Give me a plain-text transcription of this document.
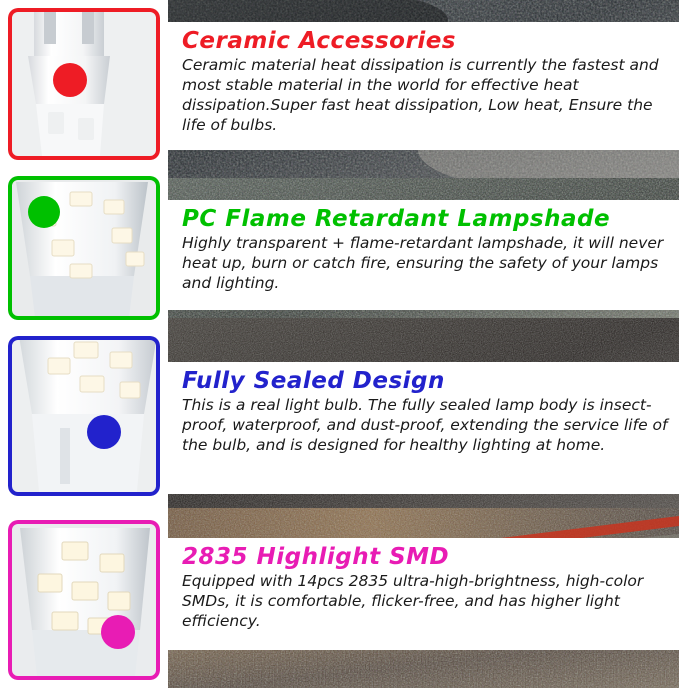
Ceramic Accessories

Ceramic material heat dissipation is currently the fastest and most stable material in the world for effective heat dissipation.Super fast heat dissipation, Low heat, Ensure the life of bulbs.

PC Flame Retardant Lampshade

Highly transparent + flame-retardant lampshade, it will never heat up, burn or catch fire, ensuring the safety of your lamps and lighting.

Fully Sealed Design

This is a real light bulb. The fully sealed lamp body is insect-proof, waterproof, and dust-proof, extending the service life of the bulb, and is designed for healthy lighting at home.

2835 Highlight SMD

Equipped with 14pcs 2835 ultra-high-brightness, high-color SMDs, it is comfortable, flicker-free, and has higher light efficiency.
